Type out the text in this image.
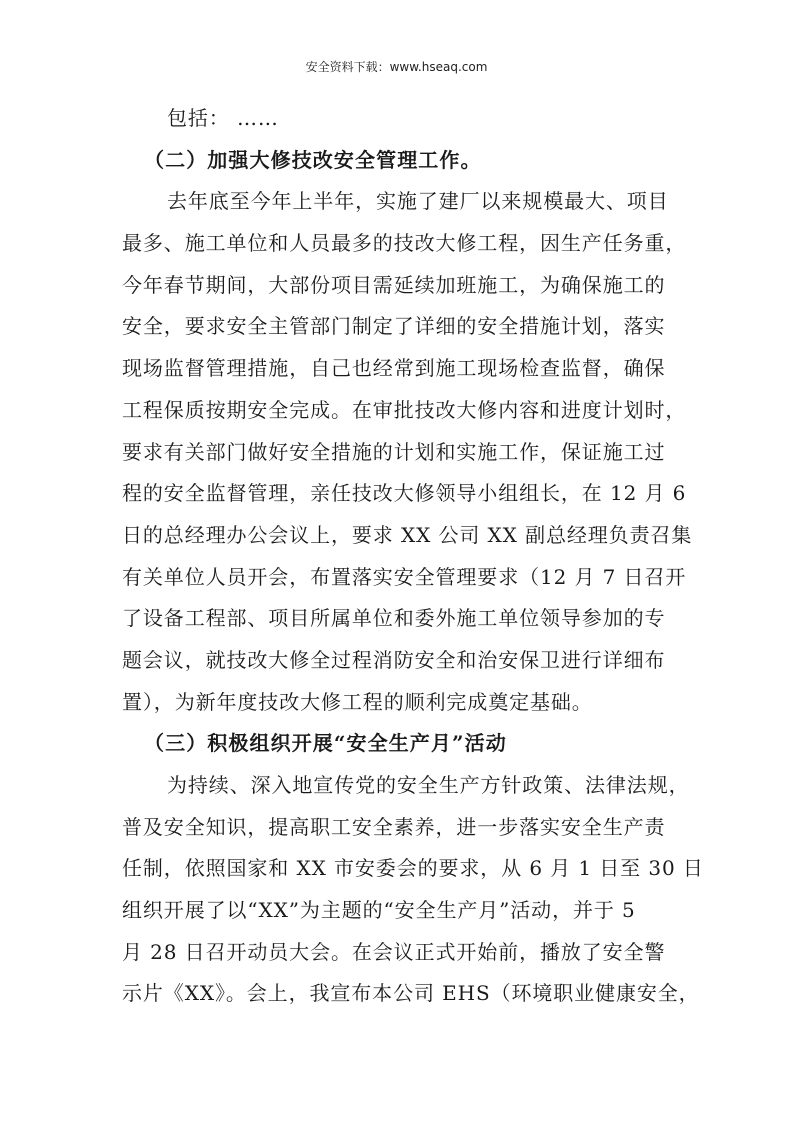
安全资料下载：www.hseaq.com
包括： ……
（二）加强大修技改安全管理工作。
去年底至今年上半年，实施了建厂以来规模最大、项目
最多、施工单位和人员最多的技改大修工程，因生产任务重，
今年春节期间，大部份项目需延续加班施工，为确保施工的
安全，要求安全主管部门制定了详细的安全措施计划，落实
现场监督管理措施，自己也经常到施工现场检查监督，确保
工程保质按期安全完成。在审批技改大修内容和进度计划时，
要求有关部门做好安全措施的计划和实施工作，保证施工过
程的安全监督管理，亲任技改大修领导小组组长，在 12 月 6
日的总经理办公会议上，要求 XX 公司 XX 副总经理负责召集
有关单位人员开会，布置落实安全管理要求（12 月 7 日召开
了设备工程部、项目所属单位和委外施工单位领导参加的专
题会议，就技改大修全过程消防安全和治安保卫进行详细布
置），为新年度技改大修工程的顺利完成奠定基础。
（三）积极组织开展“安全生产月”活动
为持续、深入地宣传党的安全生产方针政策、法律法规，
普及安全知识，提高职工安全素养，进一步落实安全生产责
任制，依照国家和 XX 市安委会的要求，从 6 月 1 日至 30 日
组织开展了以“XX”为主题的“安全生产月”活动，并于 5
月 28 日召开动员大会。在会议正式开始前，播放了安全警
示片《XX》。会上，我宣布本公司 EHS（环境职业健康安全，
